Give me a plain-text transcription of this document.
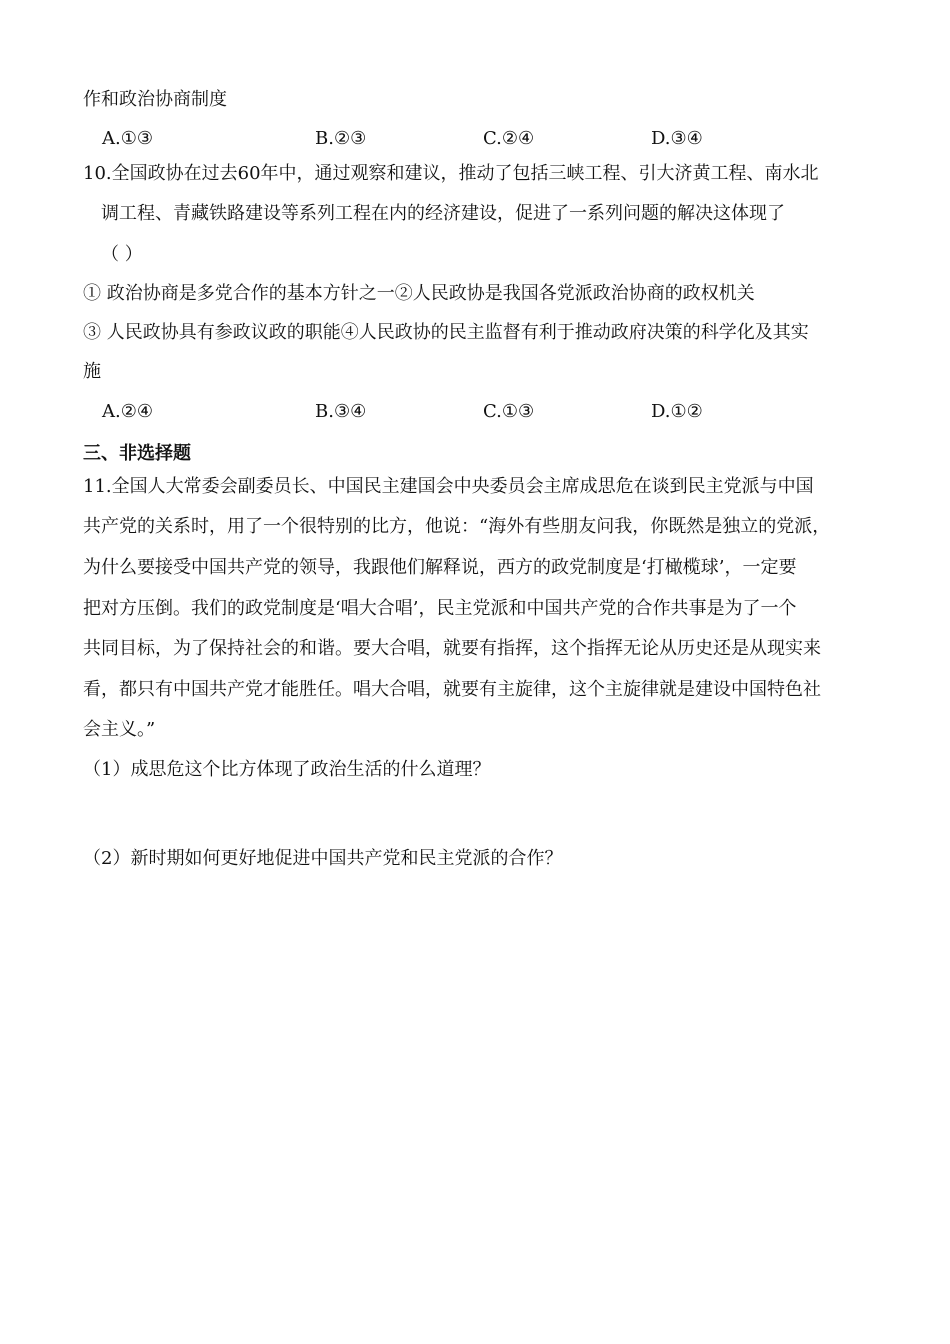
作和政治协商制度
A.①③	B.②③	C.②④	D.③④
10.全国政协在过去60年中，通过观察和建议，推动了包括三峡工程、引大济黄工程、南水北
调工程、青藏铁路建设等系列工程在内的经济建设，促进了一系列问题的解决这体现了
（ ）
① 政治协商是多党合作的基本方针之一②人民政协是我国各党派政治协商的政权机关
③ 人民政协具有参政议政的职能④人民政协的民主监督有利于推动政府决策的科学化及其实
施
A.②④	B.③④	C.①③	D.①②
三、非选择题
11.全国人大常委会副委员长、中国民主建国会中央委员会主席成思危在谈到民主党派与中国
共产党的关系时，用了一个很特别的比方，他说：“海外有些朋友问我，你既然是独立的党派，
为什么要接受中国共产党的领导，我跟他们解释说，西方的政党制度是‘打橄榄球’，一定要
把对方压倒。我们的政党制度是‘唱大合唱’，民主党派和中国共产党的合作共事是为了一个
共同目标，为了保持社会的和谐。要大合唱，就要有指挥，这个指挥无论从历史还是从现实来
看，都只有中国共产党才能胜任。唱大合唱，就要有主旋律，这个主旋律就是建设中国特色社
会主义。”
（1）成思危这个比方体现了政治生活的什么道理？
（2）新时期如何更好地促进中国共产党和民主党派的合作？
